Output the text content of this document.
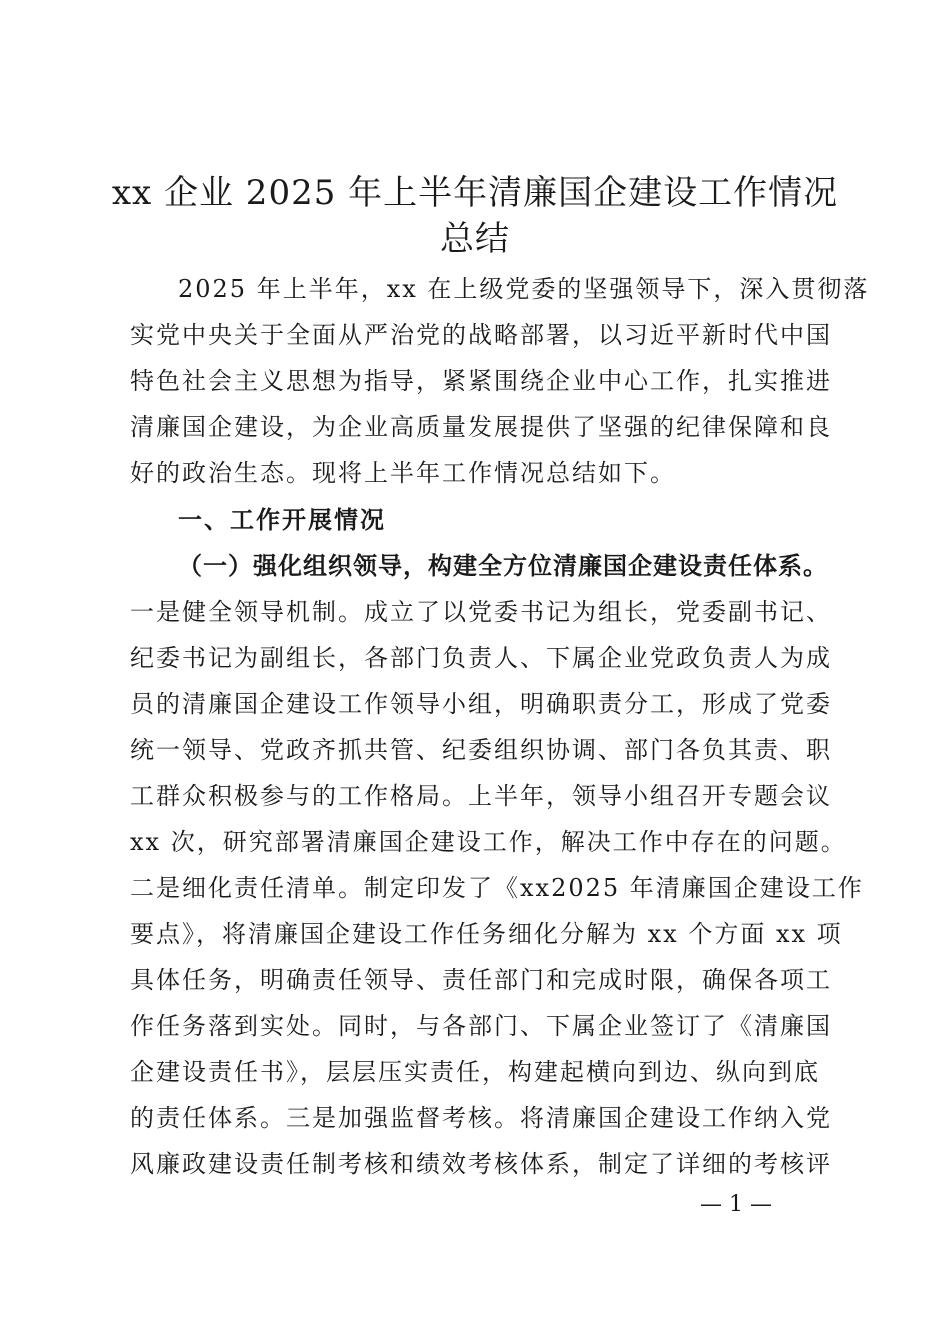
xx 企业 2025 年上半年清廉国企建设工作情况
总结
2025 年上半年，xx 在上级党委的坚强领导下，深入贯彻落
实党中央关于全面从严治党的战略部署，以习近平新时代中国
特色社会主义思想为指导，紧紧围绕企业中心工作，扎实推进
清廉国企建设，为企业高质量发展提供了坚强的纪律保障和良
好的政治生态。现将上半年工作情况总结如下。
一、工作开展情况
（一）强化组织领导，构建全方位清廉国企建设责任体系。
一是健全领导机制。成立了以党委书记为组长，党委副书记、
纪委书记为副组长，各部门负责人、下属企业党政负责人为成
员的清廉国企建设工作领导小组，明确职责分工，形成了党委
统一领导、党政齐抓共管、纪委组织协调、部门各负其责、职
工群众积极参与的工作格局。上半年，领导小组召开专题会议
xx 次，研究部署清廉国企建设工作，解决工作中存在的问题。
二是细化责任清单。制定印发了《xx2025 年清廉国企建设工作
要点》，将清廉国企建设工作任务细化分解为 xx 个方面 xx 项
具体任务，明确责任领导、责任部门和完成时限，确保各项工
作任务落到实处。同时，与各部门、下属企业签订了《清廉国
企建设责任书》，层层压实责任，构建起横向到边、纵向到底
的责任体系。三是加强监督考核。将清廉国企建设工作纳入党
风廉政建设责任制考核和绩效考核体系，制定了详细的考核评
— 1 —
